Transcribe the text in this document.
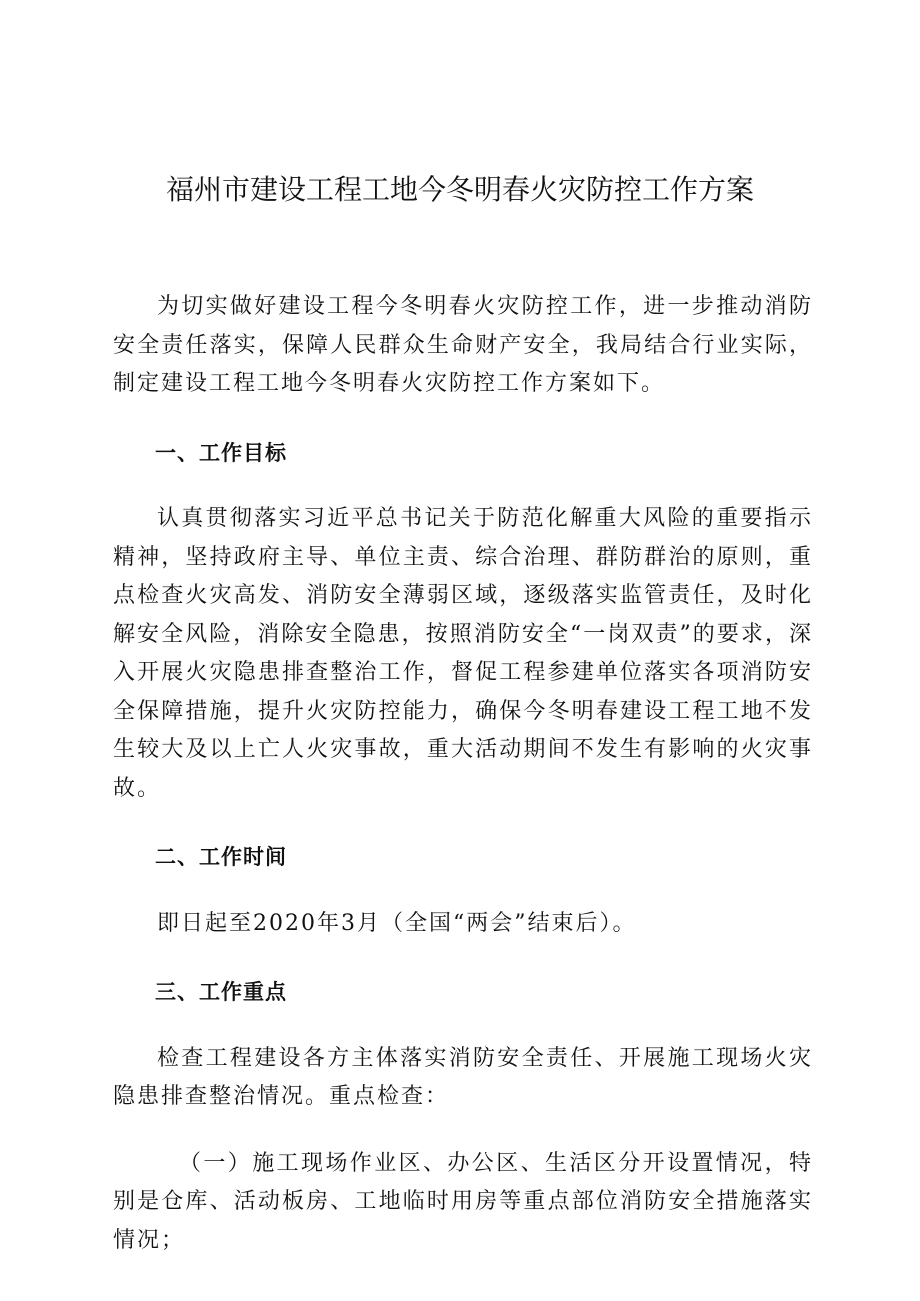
福州市建设工程工地今冬明春火灾防控工作方案

为切实做好建设工程今冬明春火灾防控工作，进一步推动消防安全责任落实，保障人民群众生命财产安全，我局结合行业实际，制定建设工程工地今冬明春火灾防控工作方案如下。

一、工作目标

认真贯彻落实习近平总书记关于防范化解重大风险的重要指示精神，坚持政府主导、单位主责、综合治理、群防群治的原则，重点检查火灾高发、消防安全薄弱区域，逐级落实监管责任，及时化解安全风险，消除安全隐患，按照消防安全“一岗双责”的要求，深入开展火灾隐患排查整治工作，督促工程参建单位落实各项消防安全保障措施，提升火灾防控能力，确保今冬明春建设工程工地不发生较大及以上亡人火灾事故，重大活动期间不发生有影响的火灾事故。

二、工作时间

即日起至2020年3月（全国“两会”结束后）。

三、工作重点

检查工程建设各方主体落实消防安全责任、开展施工现场火灾隐患排查整治情况。重点检查：

（一）施工现场作业区、办公区、生活区分开设置情况，特别是仓库、活动板房、工地临时用房等重点部位消防安全措施落实情况；
